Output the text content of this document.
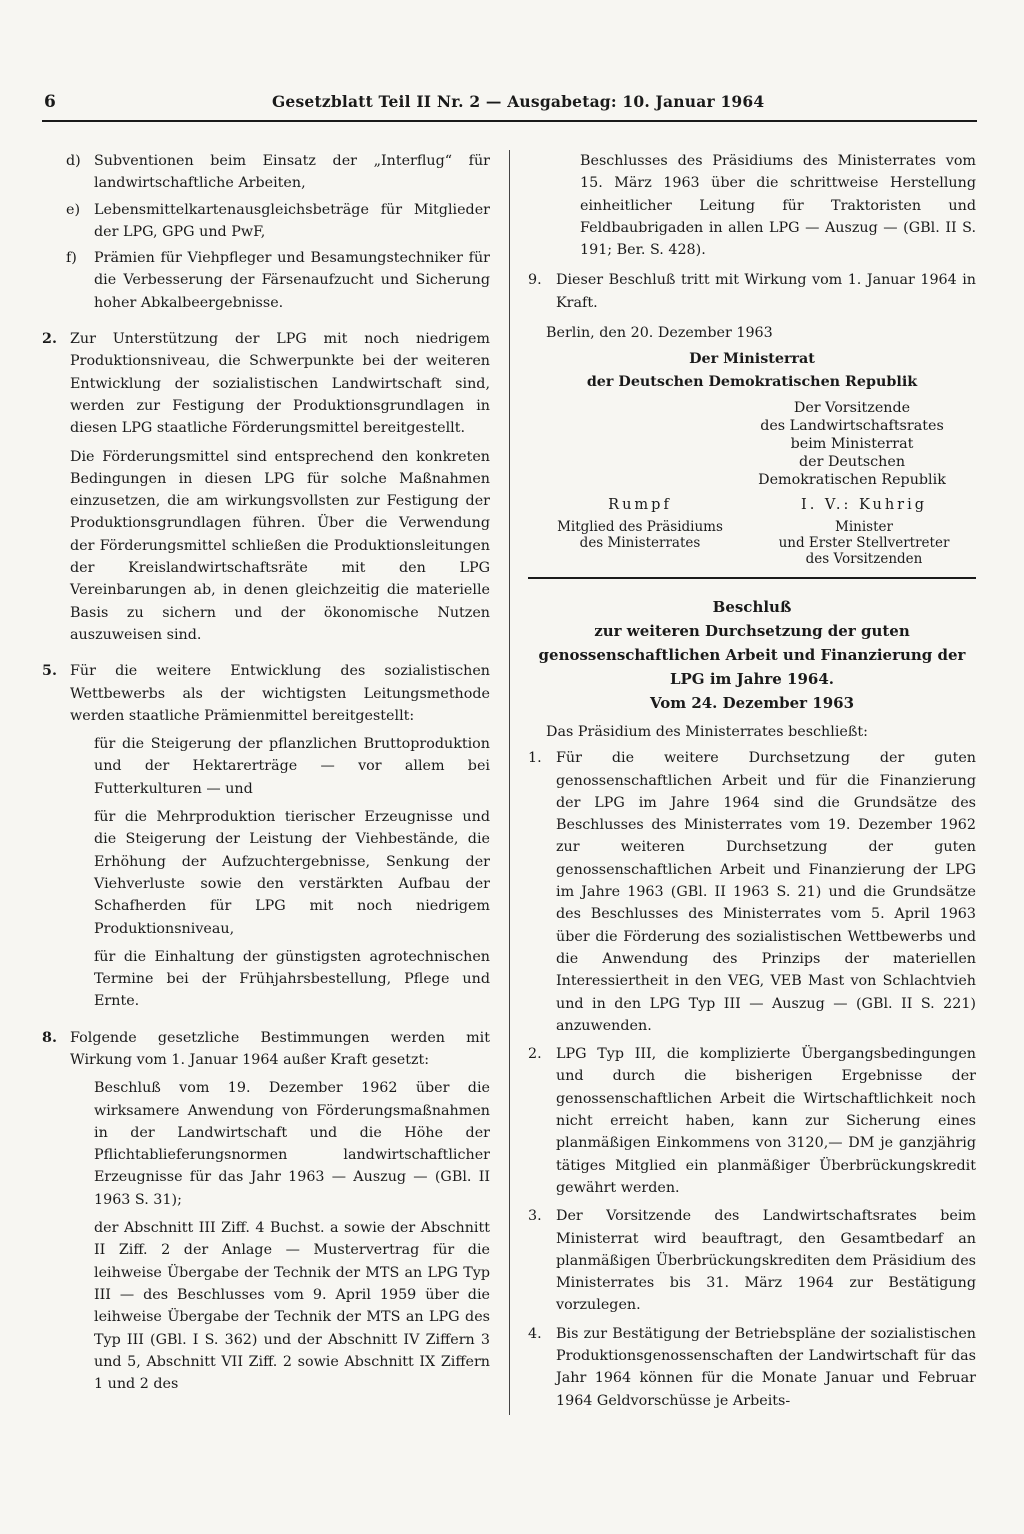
6	Gesetzblatt Teil II Nr. 2 — Ausgabetag: 10. Januar 1964
d) Subventionen beim Einsatz der „Interflug“ für landwirtschaftliche Arbeiten,

e) Lebensmittelkartenausgleichsbeträge für Mitglieder der LPG, GPG und PwF,

f) Prämien für Viehpfleger und Besamungstechniker für die Verbesserung der Färsenaufzucht und Sicherung hoher Abkalbeergebnisse.

2. Zur Unterstützung der LPG mit noch niedrigem Produktionsniveau, die Schwerpunkte bei der weiteren Entwicklung der sozialistischen Landwirtschaft sind, werden zur Festigung der Produktionsgrundlagen in diesen LPG staatliche Förderungsmittel bereitgestellt.

Die Förderungsmittel sind entsprechend den konkreten Bedingungen in diesen LPG für solche Maßnahmen einzusetzen, die am wirkungsvollsten zur Festigung der Produktionsgrundlagen führen. Über die Verwendung der Förderungsmittel schließen die Produktionsleitungen der Kreislandwirtschaftsräte mit den LPG Vereinbarungen ab, in denen gleichzeitig die materielle Basis zu sichern und der ökonomische Nutzen auszuweisen sind.

5. Für die weitere Entwicklung des sozialistischen Wettbewerbs als der wichtigsten Leitungsmethode werden staatliche Prämienmittel bereitgestellt:

für die Steigerung der pflanzlichen Bruttoproduktion und der Hektarerträge — vor allem bei Futterkulturen — und

für die Mehrproduktion tierischer Erzeugnisse und die Steigerung der Leistung der Viehbestände, die Erhöhung der Aufzuchtergebnisse, Senkung der Viehverluste sowie den verstärkten Aufbau der Schafherden für LPG mit noch niedrigem Produktionsniveau,

für die Einhaltung der günstigsten agrotechnischen Termine bei der Frühjahrsbestellung, Pflege und Ernte.

8. Folgende gesetzliche Bestimmungen werden mit Wirkung vom 1. Januar 1964 außer Kraft gesetzt:

Beschluß vom 19. Dezember 1962 über die wirksamere Anwendung von Förderungsmaßnahmen in der Landwirtschaft und die Höhe der Pflichtablieferungsnormen landwirtschaftlicher Erzeugnisse für das Jahr 1963 — Auszug — (GBl. II 1963 S. 31);

der Abschnitt III Ziff. 4 Buchst. a sowie der Abschnitt II Ziff. 2 der Anlage — Mustervertrag für die leihweise Übergabe der Technik der MTS an LPG Typ III — des Beschlusses vom 9. April 1959 über die leihweise Übergabe der Technik der MTS an LPG des Typ III (GBl. I S. 362) und der Abschnitt IV Ziffern 3 und 5, Abschnitt VII Ziff. 2 sowie Abschnitt IX Ziffern 1 und 2 des

Beschlusses des Präsidiums des Ministerrates vom 15. März 1963 über die schrittweise Herstellung einheitlicher Leitung für Traktoristen und Feldbaubrigaden in allen LPG — Auszug — (GBl. II S. 191; Ber. S. 428).

9. Dieser Beschluß tritt mit Wirkung vom 1. Januar 1964 in Kraft.

Berlin, den 20. Dezember 1963

Der Ministerrat

der Deutschen Demokratischen Republik

Der Vorsitzende

des Landwirtschaftsrates

beim Ministerrat

der Deutschen

Demokratischen Republik

Rumpf

Mitglied des Präsidiums

des Ministerrates

I. V.: Kuhrig

Minister

und Erster Stellvertreter

des Vorsitzenden

Beschluß

zur weiteren Durchsetzung der guten genossenschaftlichen Arbeit und Finanzierung der LPG im Jahre 1964.

Vom 24. Dezember 1963

Das Präsidium des Ministerrates beschließt:

1. Für die weitere Durchsetzung der guten genossenschaftlichen Arbeit und für die Finanzierung der LPG im Jahre 1964 sind die Grundsätze des Beschlusses des Ministerrates vom 19. Dezember 1962 zur weiteren Durchsetzung der guten genossenschaftlichen Arbeit und Finanzierung der LPG im Jahre 1963 (GBl. II 1963 S. 21) und die Grundsätze des Beschlusses des Ministerrates vom 5. April 1963 über die Förderung des sozialistischen Wettbewerbs und die Anwendung des Prinzips der materiellen Interessiertheit in den VEG, VEB Mast von Schlachtvieh und in den LPG Typ III — Auszug — (GBl. II S. 221) anzuwenden.

2. LPG Typ III, die komplizierte Übergangsbedingungen und durch die bisherigen Ergebnisse der genossenschaftlichen Arbeit die Wirtschaftlichkeit noch nicht erreicht haben, kann zur Sicherung eines planmäßigen Einkommens von 3120,— DM je ganzjährig tätiges Mitglied ein planmäßiger Überbrückungskredit gewährt werden.

3. Der Vorsitzende des Landwirtschaftsrates beim Ministerrat wird beauftragt, den Gesamtbedarf an planmäßigen Überbrückungskrediten dem Präsidium des Ministerrates bis 31. März 1964 zur Bestätigung vorzulegen.

4. Bis zur Bestätigung der Betriebspläne der sozialistischen Produktionsgenossenschaften der Landwirtschaft für das Jahr 1964 können für die Monate Januar und Februar 1964 Geldvorschüsse je Arbeits-
